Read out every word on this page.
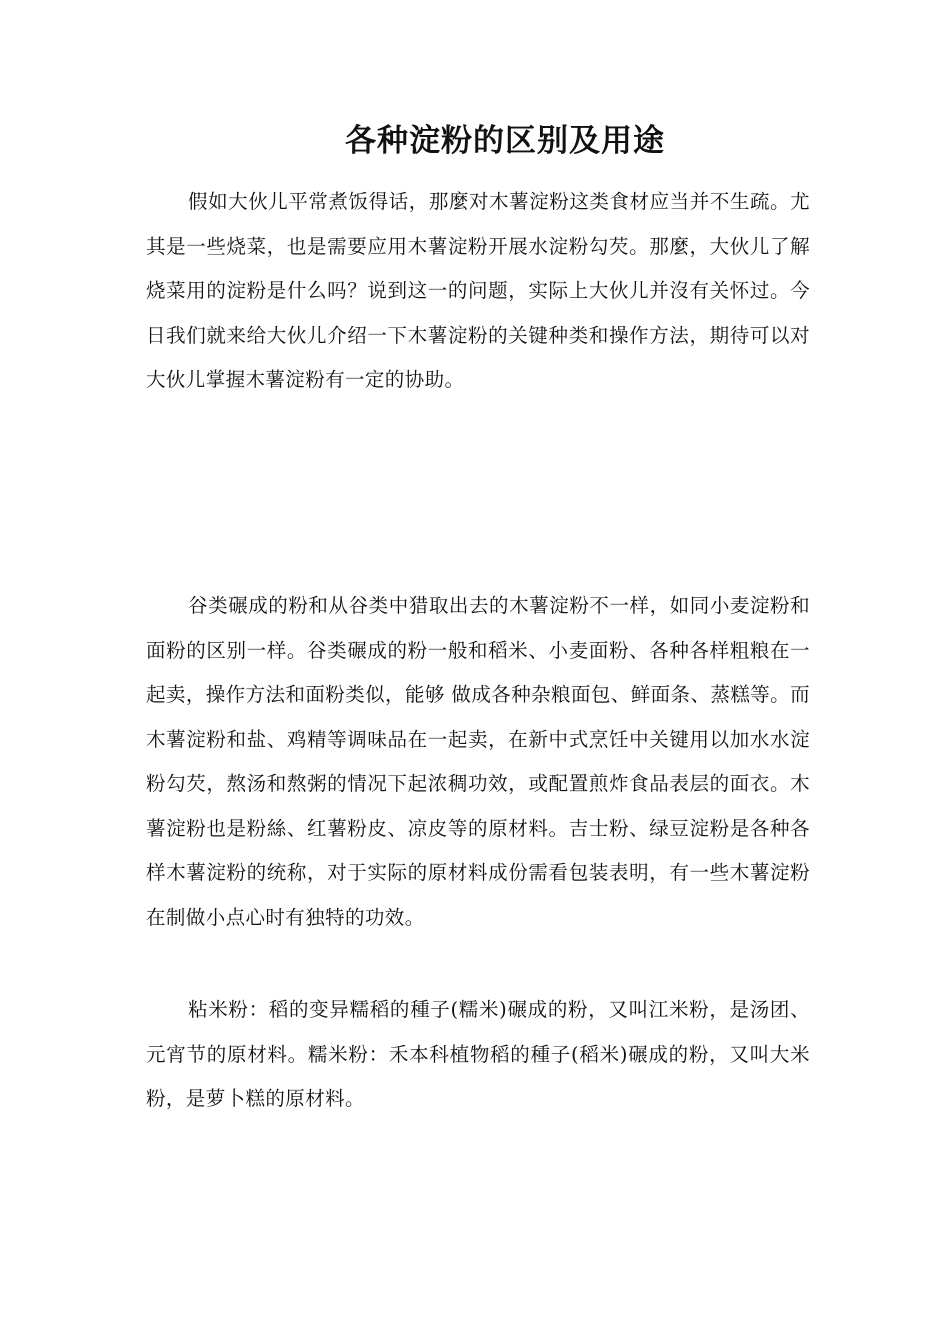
各种淀粉的区别及用途

假如大伙儿平常煮饭得话，那麼对木薯淀粉这类食材应当并不生疏。尤其是一些烧菜，也是需要应用木薯淀粉开展水淀粉勾芡。那麼，大伙儿了解烧菜用的淀粉是什么吗？说到这一的问题，实际上大伙儿并沒有关怀过。今日我们就来给大伙儿介绍一下木薯淀粉的关键种类和操作方法，期待可以对大伙儿掌握木薯淀粉有一定的协助。

谷类碾成的粉和从谷类中猎取出去的木薯淀粉不一样，如同小麦淀粉和面粉的区别一样。谷类碾成的粉一般和稻米、小麦面粉、各种各样粗粮在一起卖，操作方法和面粉类似，能够 做成各种杂粮面包、鲜面条、蒸糕等。而木薯淀粉和盐、鸡精等调味品在一起卖，在新中式烹饪中关键用以加水水淀粉勾芡，熬汤和熬粥的情况下起浓稠功效，或配置煎炸食品表层的面衣。木薯淀粉也是粉絲、红薯粉皮、凉皮等的原材料。吉士粉、绿豆淀粉是各种各样木薯淀粉的统称，对于实际的原材料成份需看包装表明，有一些木薯淀粉在制做小点心时有独特的功效。

粘米粉：稻的变异糯稻的種子(糯米)碾成的粉，又叫江米粉，是汤团、元宵节的原材料。糯米粉：禾本科植物稻的種子(稻米)碾成的粉，又叫大米粉，是萝卜糕的原材料。
